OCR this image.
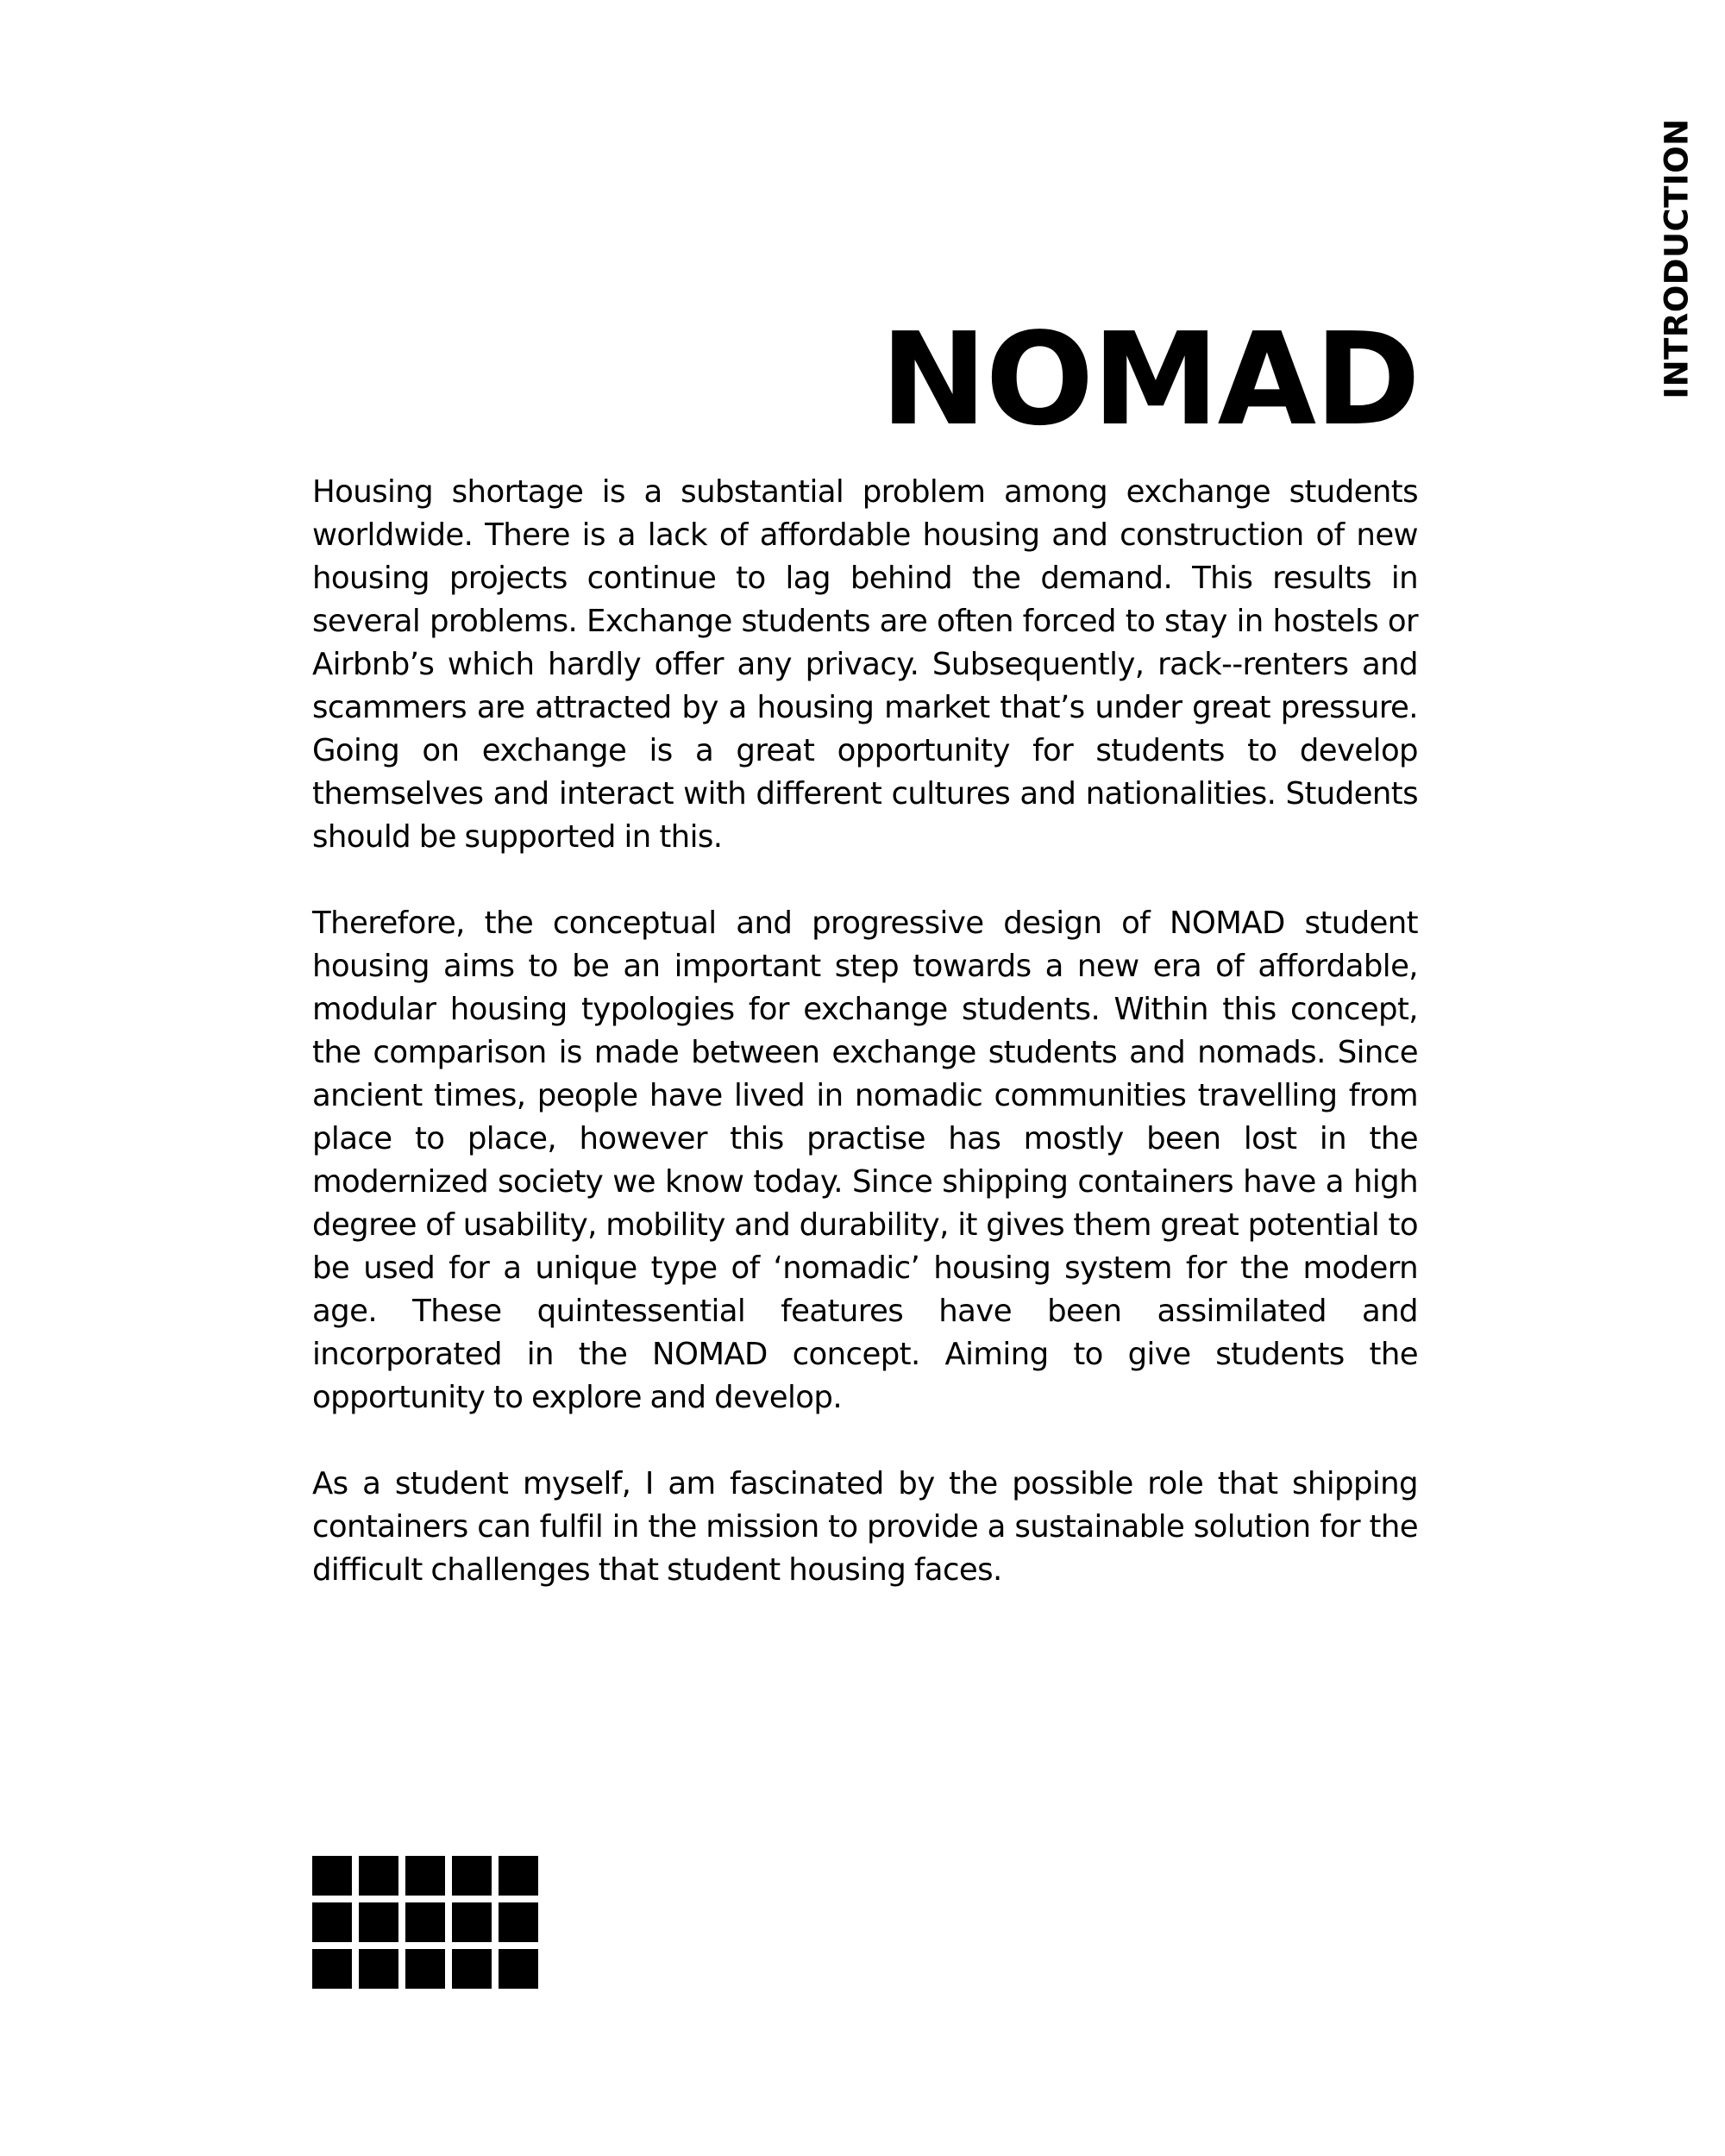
INTRODUCTION
NOMAD

Housing shortage is a substantial problem among exchange students worldwide. There is a lack of affordable housing and construction of new housing projects continue to lag behind the demand. This results in several problems. Exchange students are often forced to stay in hostels or Airbnb’s which hardly offer any privacy. Subsequently, rack--renters and scammers are attracted by a housing market that’s under great pressure. Going on exchange is a great opportunity for students to develop themselves and interact with different cultures and nationalities. Students should be supported in this.

Therefore, the conceptual and progressive design of NOMAD student housing aims to be an important step towards a new era of affordable, modular housing typologies for exchange students. Within this concept, the comparison is made between exchange students and nomads. Since ancient times, people have lived in nomadic communities travelling from place to place, however this practise has mostly been lost in the modernized society we know today. Since shipping containers have a high degree of usability, mobility and durability, it gives them great potential to be used for a unique type of ‘nomadic’ housing system for the modern age. These quintessential features have been assimilated and incorporated in the NOMAD concept. Aiming to give students the opportunity to explore and develop.

As a student myself, I am fascinated by the possible role that shipping containers can fulfil in the mission to provide a sustainable solution for the difficult challenges that student housing faces.
